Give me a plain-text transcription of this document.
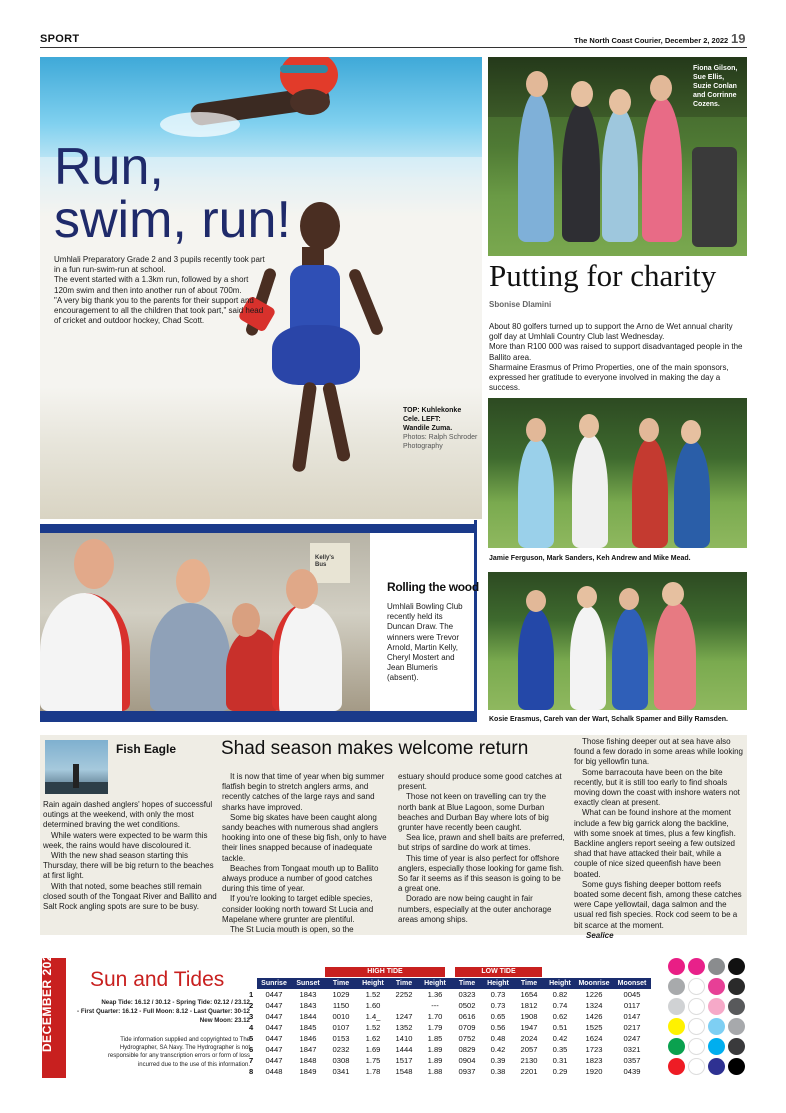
SPORT	The North Coast Courier, December 2, 2022 19
Run,
swim, run!
Umhlali Preparatory Grade 2 and 3 pupils recently took part in a fun run-swim-run at school.
The event started with a 1.3km run, followed by a short 120m swim and then into another run of about 700m.
"A very big thank you to the parents for their support and encouragement to all the children that took part," said head of cricket and outdoor hockey, Chad Scott.
TOP: Kuhlekonke
Cele. LEFT:
Wandile Zuma.
Photos: Ralph Schroder
Photography
Fiona Gilson,
Sue Ellis,
Suzie Conlan
and Corrinne
Cozens.
Putting for charity
Sbonise Dlamini
About 80 golfers turned up to support the Arno de Wet annual charity golf day at Umhlali Country Club last Wednesday.
More than R100 000 was raised to support disadvantaged people in the Ballito area.
Sharmaine Erasmus of Primo Properties, one of the main sponsors, expressed her gratitude to everyone involved in making the day a success.
Jamie Ferguson, Mark Sanders, Keh Andrew and Mike Mead.
Kosie Erasmus, Careh van der Wart, Schalk Spamer and Billy Ramsden.
Kelly's Bus
Rolling the wood
Umhlali Bowling Club recently held its Duncan Draw. The winners were Trevor Arnold, Martin Kelly, Cheryl Mostert and Jean Blumeris (absent).
Fish Eagle Shad season makes welcome return
Rain again dashed anglers' hopes of successful outings at the weekend, with only the most determined braving the wet conditions.
While waters were expected to be warm this week, the rains would have discoloured it.
With the new shad season starting this Thursday, there will be big return to the beaches at first light.
With that noted, some beaches still remain closed south of the Tongaat River and Ballito and Salt Rock angling spots are sure to be busy.
It is now that time of year when big summer flatfish begin to stretch anglers arms, and recently catches of the large rays and sand sharks have improved.
Some big skates have been caught along sandy beaches with numerous shad anglers hooking into one of these big fish, only to have their lines snapped because of inadequate tackle.
Beaches from Tongaat mouth up to Ballito always produce a number of good catches during this time of year.
If you're looking to target edible species, consider looking north toward St Lucia and Mapelane where grunter are plentiful.
The St Lucia mouth is open, so the
estuary should produce some good catches at present.
Those not keen on travelling can try the north bank at Blue Lagoon, some Durban beaches and Durban Bay where lots of big grunter have recently been caught.
Sea lice, prawn and shell baits are preferred, but strips of sardine do work at times.
This time of year is also perfect for offshore anglers, especially those looking for game fish. So far it seems as if this season is going to be a great one.
Dorado are now being caught in fair numbers, especially at the outer anchorage areas among ships.
Those fishing deeper out at sea have also found a few dorado in some areas while looking for big yellowfin tuna.
Some barracouta have been on the bite recently, but it is still too early to find shoals moving down the coast with inshore waters not exactly clean at present.
What can be found inshore at the moment include a few big garrick along the backline, with some snoek at times, plus a few kingfish. Backline anglers report seeing a few outsized shad that have attacked their bait, while a couple of nice sized queenfish have been boated.
Some guys fishing deeper bottom reefs boated some decent fish, among these catches were Cape yellowtail, daga salmon and the usual red fish species. Rock cod seem to be a bit scarce at the moment.
Sealice
DECEMBER 2022 Sun and Tides
Neap Tide: 16.12 / 30.12 - Spring Tide: 02.12 / 23.12
- First Quarter: 16.12 - Full Moon: 8.12 - Last Quarter: 30-12
New Moon: 23.12
Tide information supplied and copyrighted to The
Hydrographer, SA Navy. The Hydrographer is not
responsible for any transcription errors or form of loss
incurred due to the use of this information.
HIGH TIDE	LOW TIDE
	Sunrise	Sunset	Time	Height	Time	Height	Time	Height	Time	Height	Moonrise	Moonset
1	0447	1843	1029	1.52	2252	1.36	0323	0.73	1654	0.82	1226	0045
2	0447	1843	1150	1.60		---	0502	0.73	1812	0.74	1324	0117
3	0447	1844	0010	1.4_	1247	1.70	0616	0.65	1908	0.62	1426	0147
4	0447	1845	0107	1.52	1352	1.79	0709	0.56	1947	0.51	1525	0217
5	0447	1846	0153	1.62	1410	1.85	0752	0.48	2024	0.42	1624	0247
6	0447	1847	0232	1.69	1444	1.89	0829	0.42	2057	0.35	1723	0321
7	0447	1848	0308	1.75	1517	1.89	0904	0.39	2130	0.31	1823	0357
8	0448	1849	0341	1.78	1548	1.88	0937	0.38	2201	0.29	1920	0439
